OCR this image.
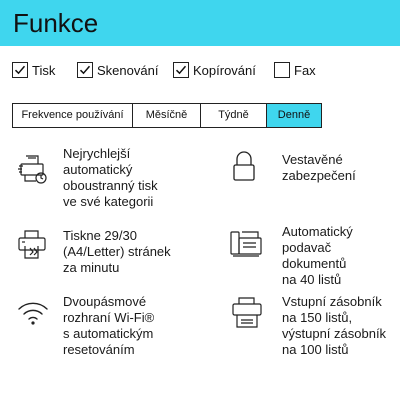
Funkce
Tisk	Skenování	Kopírování	Fax
Frekvence používání	Měsíčně	Týdně	Denně
Nejrychlejší
automatický
oboustranný tisk
ve své kategorii
Vestavěné
zabezpečení
Tiskne 29/30
(A4/Letter) stránek
za minutu
Automatický
podavač
dokumentů
na 40 listů
Dvoupásmové
rozhraní Wi-Fi®
s automatickým
resetováním
Vstupní zásobník
na 150 listů,
výstupní zásobník
na 100 listů
